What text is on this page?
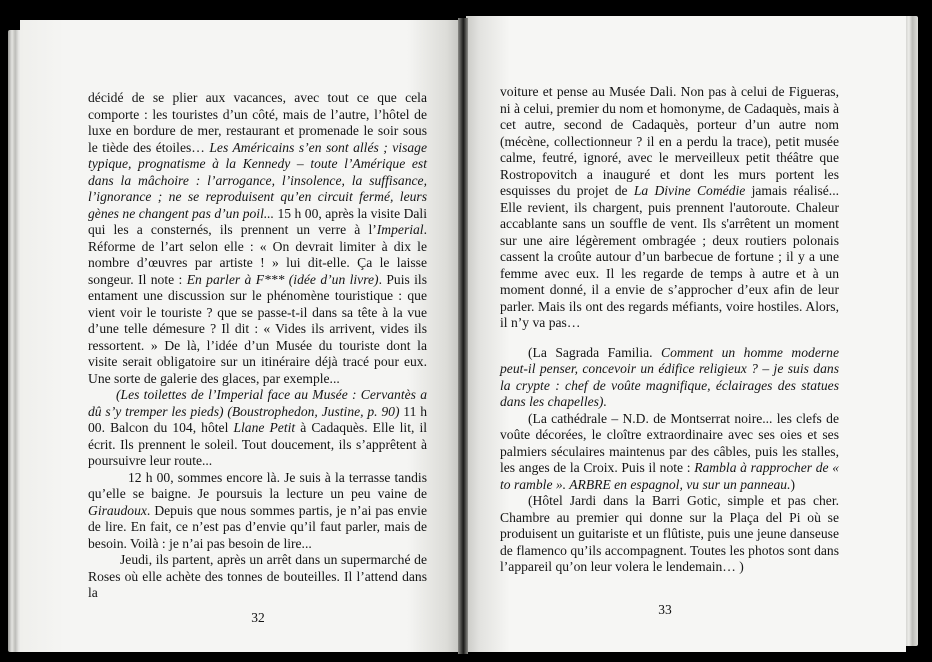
décidé de se plier aux vacances, avec tout ce que cela comporte : les touristes d’un côté, mais de l’autre, l’hôtel de luxe en bordure de mer, restaurant et promenade le soir sous le tiède des étoiles… Les Américains s’en sont allés ; visage typique, prognatisme à la Kennedy – toute l’Amérique est dans la mâchoire : l’arrogance, l’insolence, la suffisance, l’ignorance ; ne se reproduisent qu’en circuit fermé, leurs gènes ne changent pas d’un poil... 15 h 00, après la visite Dali qui les a consternés, ils prennent un verre à l’Imperial. Réforme de l’art selon elle : « On devrait limiter à dix le nombre d’œuvres par artiste ! » lui dit-elle. Ça le laisse songeur. Il note : En parler à F*** (idée d’un livre). Puis ils entament une discussion sur le phénomène touristique : que vient voir le touriste ? que se passe-t-il dans sa tête à la vue d’une telle démesure ? Il dit : « Vides ils arrivent, vides ils ressortent. » De là, l’idée d’un Musée du touriste dont la visite serait obligatoire sur un itinéraire déjà tracé pour eux. Une sorte de galerie des glaces, par exemple...

(Les toilettes de l’Imperial face au Musée : Cervantès a dû s’y tremper les pieds) (Boustrophedon, Justine, p. 90) 11 h 00. Balcon du 104, hôtel Llane Petit à Cadaquès. Elle lit, il écrit. Ils prennent le soleil. Tout doucement, ils s’apprêtent à poursuivre leur route...

12 h 00, sommes encore là. Je suis à la terrasse tandis qu’elle se baigne. Je poursuis la lecture un peu vaine de Giraudoux. Depuis que nous sommes partis, je n’ai pas envie de lire. En fait, ce n’est pas d’envie qu’il faut parler, mais de besoin. Voilà : je n’ai pas besoin de lire...

Jeudi, ils partent, après un arrêt dans un supermarché de Roses où elle achète des tonnes de bouteilles. Il l’attend dans la

32

voiture et pense au Musée Dali. Non pas à celui de Figueras, ni à celui, premier du nom et homonyme, de Cadaquès, mais à cet autre, second de Cadaquès, porteur d’un autre nom (mécène, collectionneur ? il en a perdu la trace), petit musée calme, feutré, ignoré, avec le merveilleux petit théâtre que Rostropovitch a inauguré et dont les murs portent les esquisses du projet de La Divine Comédie jamais réalisé... Elle revient, ils chargent, puis prennent l'autoroute. Chaleur accablante sans un souffle de vent. Ils s'arrêtent un moment sur une aire légèrement ombragée ; deux routiers polonais cassent la croûte autour d’un barbecue de fortune ; il y a une femme avec eux. Il les regarde de temps à autre et à un moment donné, il a envie de s’approcher d’eux afin de leur parler. Mais ils ont des regards méfiants, voire hostiles. Alors, il n’y va pas…

(La Sagrada Familia. Comment un homme moderne peut-il penser, concevoir un édifice religieux ? – je suis dans la crypte : chef de voûte magnifique, éclairages des statues dans les chapelles).

(La cathédrale – N.D. de Montserrat noire... les clefs de voûte décorées, le cloître extraordinaire avec ses oies et ses palmiers séculaires maintenus par des câbles, puis les stalles, les anges de la Croix. Puis il note : Rambla à rapprocher de « to ramble ». ARBRE en espagnol, vu sur un panneau.)

(Hôtel Jardi dans la Barri Gotic, simple et pas cher. Chambre au premier qui donne sur la Plaça del Pi où se produisent un guitariste et un flûtiste, puis une jeune danseuse de flamenco qu’ils accompagnent. Toutes les photos sont dans l’appareil qu’on leur volera le lendemain… )

33
